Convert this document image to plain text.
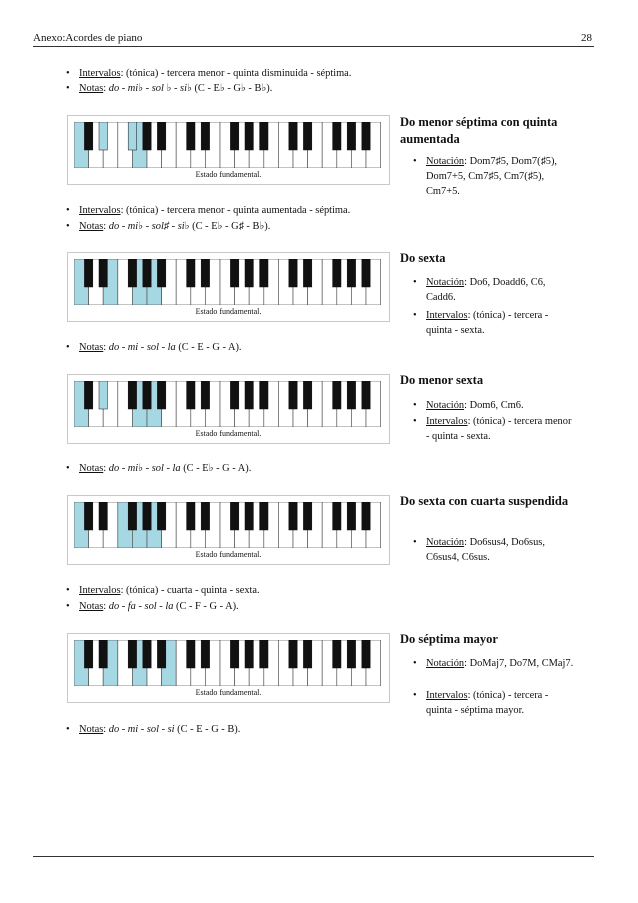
Anexo:Acordes de piano	28
• Intervalos: (tónica) - tercera menor - quinta disminuida - séptima.
• Notas: do - mi♭ - sol ♭ - si♭ (C - E♭ - G♭ - B♭).
Estado fundamental.
Do menor séptima con quinta aumentada
• Notación: Dom7♯5, Dom7(♯5), Dom7+5, Cm7♯5, Cm7(♯5), Cm7+5.
• Intervalos: (tónica) - tercera menor - quinta aumentada - séptima.
• Notas: do - mi♭ - sol♯ - si♭ (C - E♭ - G♯ - B♭).
Estado fundamental.
Do sexta
• Notación: Do6, Doadd6, C6, Cadd6.
• Intervalos: (tónica) - tercera - quinta - sexta.
• Notas: do - mi - sol - la (C - E - G - A).
Estado fundamental.
Do menor sexta
• Notación: Dom6, Cm6.
• Intervalos: (tónica) - tercera menor - quinta - sexta.
• Notas: do - mi♭ - sol - la (C - E♭ - G - A).
Estado fundamental.
Do sexta con cuarta suspendida
• Notación: Do6sus4, Do6sus, C6sus4, C6sus.
• Intervalos: (tónica) - cuarta - quinta - sexta.
• Notas: do - fa - sol - la (C - F - G - A).
Estado fundamental.
Do séptima mayor
• Notación: DoMaj7, Do7M, CMaj7.
• Intervalos: (tónica) - tercera - quinta - séptima mayor.
• Notas: do - mi - sol - si (C - E - G - B).
